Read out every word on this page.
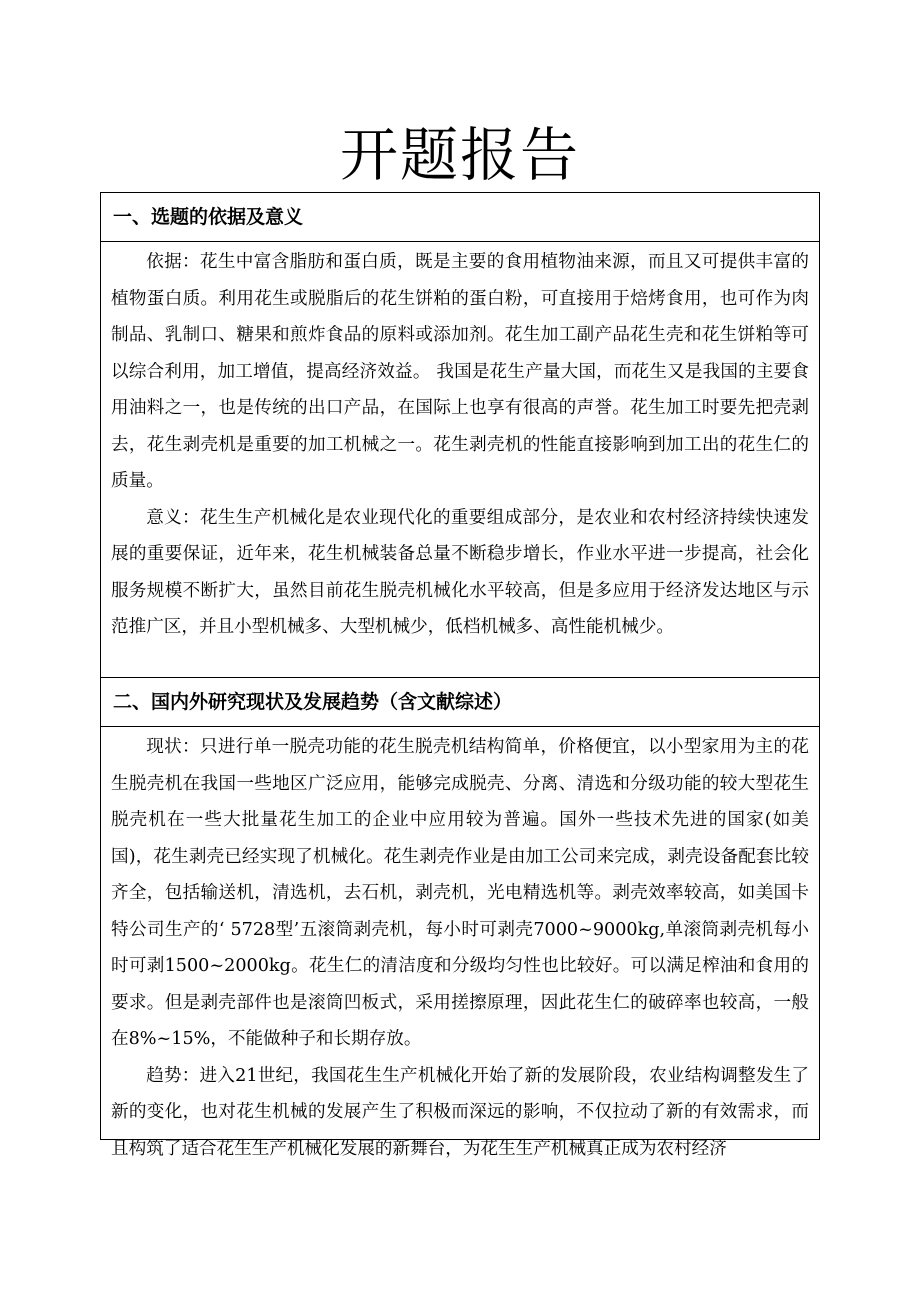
开题报告
一、选题的依据及意义

依据：花生中富含脂肪和蛋白质，既是主要的食用植物油来源，而且又可提供丰富的植物蛋白质。利用花生或脱脂后的花生饼粕的蛋白粉，可直接用于焙烤食用，也可作为肉制品、乳制口、糖果和煎炸食品的原料或添加剂。花生加工副产品花生壳和花生饼粕等可以综合利用，加工增值，提高经济效益。 我国是花生产量大国，而花生又是我国的主要食用油料之一，也是传统的出口产品，在国际上也享有很高的声誉。花生加工时要先把壳剥去，花生剥壳机是重要的加工机械之一。花生剥壳机的性能直接影响到加工出的花生仁的质量。

意义：花生生产机械化是农业现代化的重要组成部分，是农业和农村经济持续快速发展的重要保证，近年来，花生机械装备总量不断稳步增长，作业水平进一步提高，社会化服务规模不断扩大，虽然目前花生脱壳机械化水平较高，但是多应用于经济发达地区与示范推广区，并且小型机械多、大型机械少，低档机械多、高性能机械少。

二、国内外研究现状及发展趋势（含文献综述）

现状：只进行单一脱壳功能的花生脱壳机结构简单，价格便宜，以小型家用为主的花生脱壳机在我国一些地区广泛应用，能够完成脱壳、分离、清选和分级功能的较大型花生脱壳机在一些大批量花生加工的企业中应用较为普遍。国外一些技术先进的国家(如美国)，花生剥壳已经实现了机械化。花生剥壳作业是由加工公司来完成，剥壳设备配套比较齐全，包括输送机，清选机，去石机，剥壳机，光电精选机等。剥壳效率较高，如美国卡特公司生产的‘ 5728型’五滚筒剥壳机，每小时可剥壳7000~9000kg,单滚筒剥壳机每小时可剥1500~2000kg。花生仁的清洁度和分级均匀性也比较好。可以满足榨油和食用的要求。但是剥壳部件也是滚筒凹板式，采用搓擦原理，因此花生仁的破碎率也较高，一般在8%~15%，不能做种子和长期存放。

趋势：进入21世纪，我国花生生产机械化开始了新的发展阶段，农业结构调整发生了新的变化，也对花生机械的发展产生了积极而深远的影响，不仅拉动了新的有效需求，而且构筑了适合花生生产机械化发展的新舞台，为花生生产机械真正成为农村经济
